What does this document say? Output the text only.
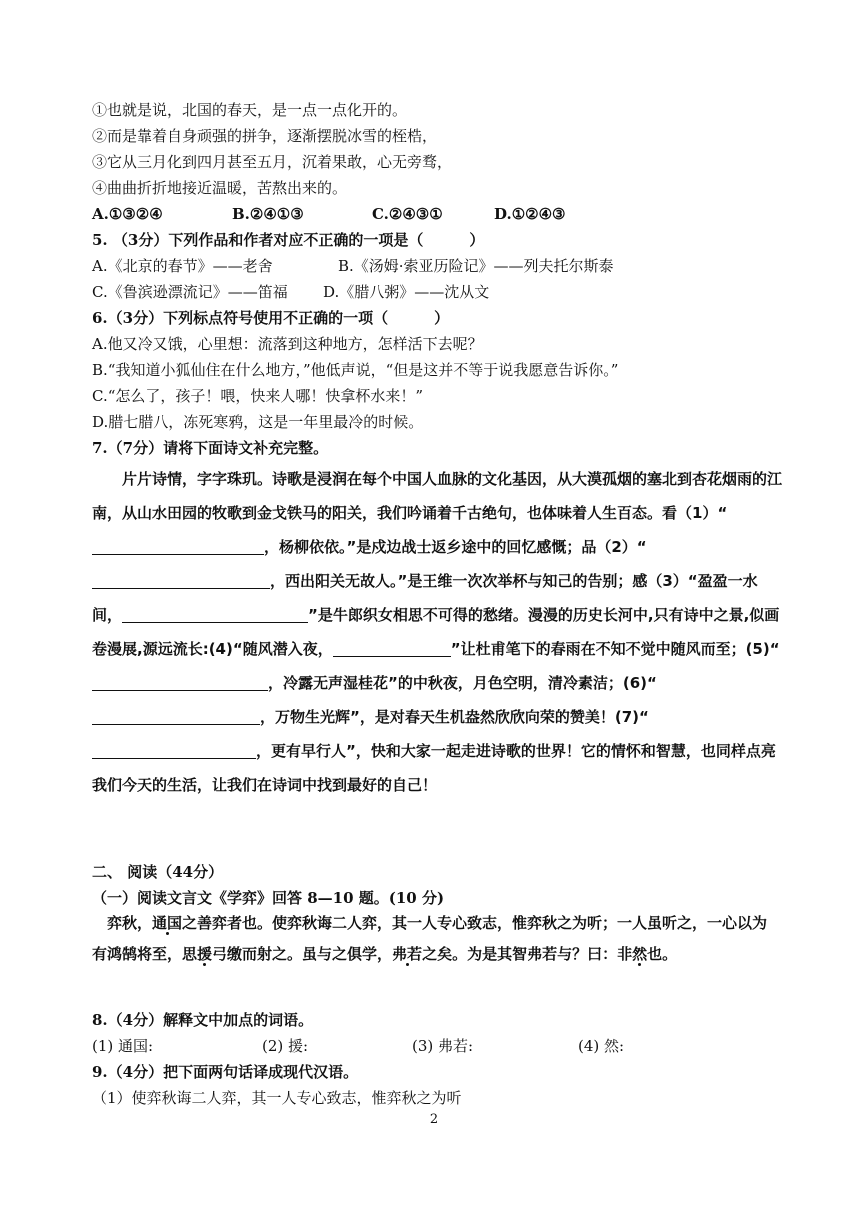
①也就是说，北国的春天，是一点一点化开的。
②而是靠着自身顽强的拼争，逐渐摆脱冰雪的桎梏，
③它从三月化到四月甚至五月，沉着果敢，心无旁骛，
④曲曲折折地接近温暖，苦熬出来的。
A.①③②④	B.②④①③	C.②④③①	D.①②④③
5. （3分）下列作品和作者对应不正确的一项是（	）
A.《北京的春节》——老舍	B.《汤姆·索亚历险记》——列夫托尔斯泰
C.《鲁滨逊漂流记》——笛福 D.《腊八粥》——沈从文
6.（3分）下列标点符号使用不正确的一项（	）
A.他又冷又饿，心里想：流落到这种地方，怎样活下去呢？
B.“我知道小狐仙住在什么地方，”他低声说，“但是这并不等于说我愿意告诉你。”
C.“怎么了，孩子！喂，快来人哪！快拿杯水来！”
D.腊七腊八，冻死寒鸦，这是一年里最冷的时候。
7.（7分）请将下面诗文补充完整。
片片诗情，字字珠玑。诗歌是浸润在每个中国人血脉的文化基因，从大漠孤烟的塞北到杏花烟雨的江南，从山水田园的牧歌到金戈铁马的阳关，我们吟诵着千古绝句，也体味着人生百态。看（1）“，杨柳依依。”是戍边战士返乡途中的回忆感慨；品（2）“，西出阳关无故人。”是王维一次次举杯与知己的告别；感（3）“盈盈一水间，	”是牛郎织女相思不可得的愁绪。漫漫的历史长河中,只有诗中之景,似画卷漫展,源远流长:(4)“随风潜入夜，	”让杜甫笔下的春雨在不知不觉中随风而至；(5)“，冷露无声湿桂花”的中秋夜，月色空明，清冷素洁；(6)“，万物生光辉”，是对春天生机盎然欣欣向荣的赞美！(7)“，更有早行人”，快和大家一起走进诗歌的世界！它的情怀和智慧，也同样点亮我们今天的生活，让我们在诗词中找到最好的自己！
二、 阅读（44分）
（一）阅读文言文《学弈》回答 8—10 题。(10 分)
弈秋，通国之善弈者也。使弈秋诲二人弈，其一人专心致志，惟弈秋之为听；一人虽听之，一心以为有鸿鹄将至，思援弓缴而射之。虽与之俱学，弗若之矣。为是其智弗若与？曰：非然也。
8.（4分）解释文中加点的词语。
(1) 通国:	(2) 援:	(3) 弗若:	(4) 然:
9.（4分）把下面两句话译成现代汉语。
（1）使弈秋诲二人弈，其一人专心致志，惟弈秋之为听
2
